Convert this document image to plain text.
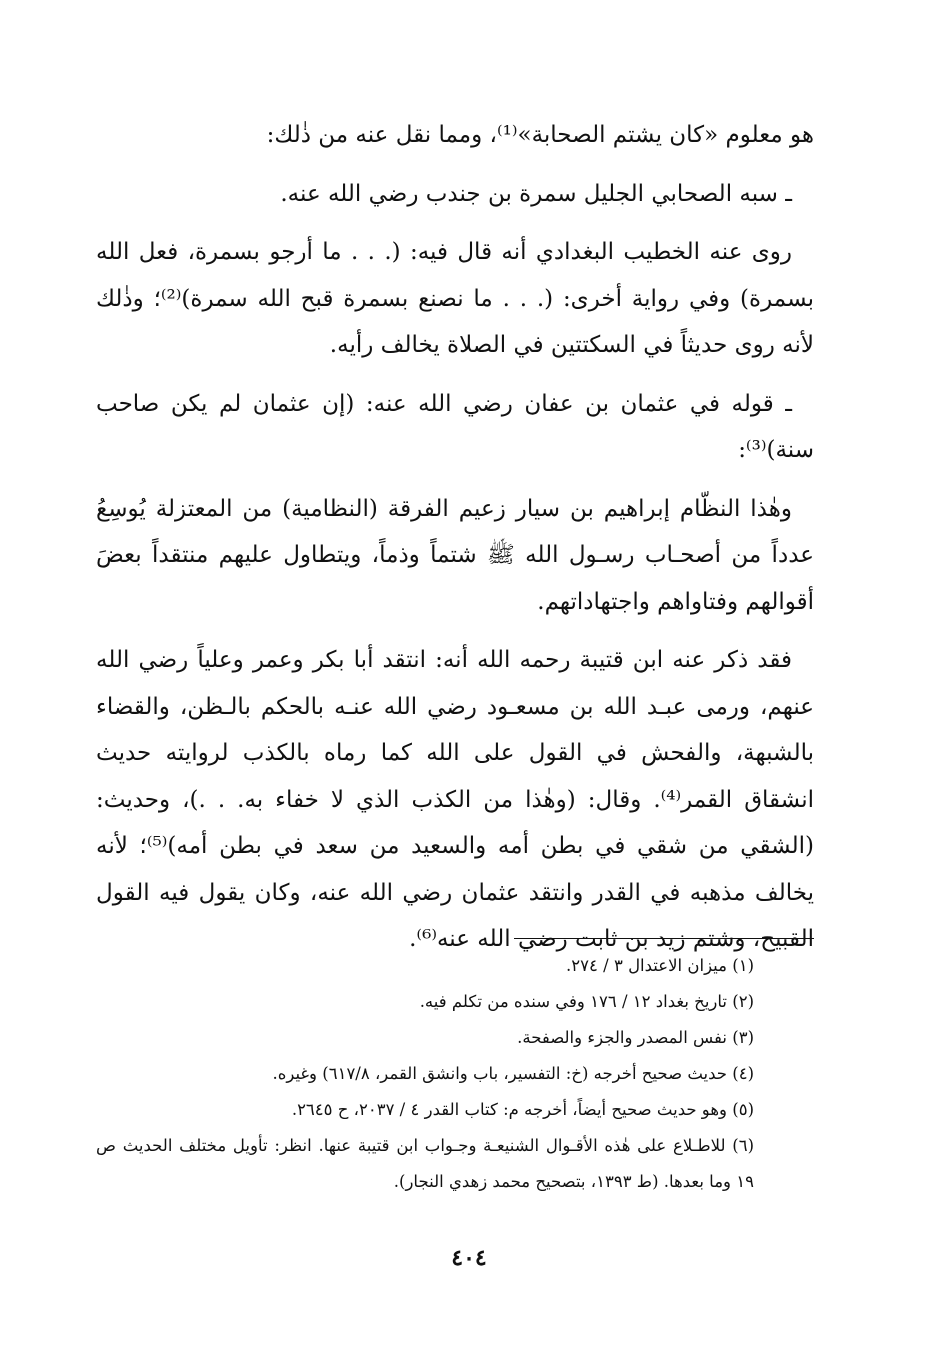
هو معلوم «كان يشتم الصحابة»⁽¹⁾، ومما نقل عنه من ذٰلك:

ـ سبه الصحابي الجليل سمرة بن جندب رضي الله عنه.

روى عنه الخطيب البغدادي أنه قال فيه: (. . . ما أرجو بسمرة، فعل الله بسمرة) وفي رواية أخرى: (. . . ما نصنع بسمرة قبح الله سمرة)⁽²⁾؛ وذٰلك لأنه روى حديثاً في السكتتين في الصلاة يخالف رأيه.

ـ قوله في عثمان بن عفان رضي الله عنه: (إن عثمان لم يكن صاحب سنة)⁽³⁾:

وهٰذا النظّام إبراهيم بن سيار زعيم الفرقة (النظامية) من المعتزلة يُوسِعُ عدداً من أصحـاب رسـول الله ﷺ شتماً وذماً، ويتطاول عليهم منتقداً بعضَ أقوالهم وفتاواهم واجتهاداتهم.

فقد ذكر عنه ابن قتيبة رحمه الله أنه: انتقد أبا بكر وعمر وعلياً رضي الله عنهم، ورمى عبـد الله بن مسعـود رضي الله عنـه بالحكم بالـظن، والقضاء بالشبهة، والفحش في القول على الله كما رماه بالكذب لروايته حديث انشقاق القمر⁽⁴⁾. وقال: (وهٰذا من الكذب الذي لا خفاء به. . .)، وحديث: (الشقي من شقي في بطن أمه والسعيد من سعد في بطن أمه)⁽⁵⁾؛ لأنه يخالف مذهبه في القدر وانتقد عثمان رضي الله عنه، وكان يقول فيه القول القبيح، وشتم زيد بن ثابت رضي الله عنه⁽⁶⁾.

(١) ميزان الاعتدال ٣ / ٢٧٤.

(٢) تاريخ بغداد ١٢ / ١٧٦ وفي سنده من تكلم فيه.

(٣) نفس المصدر والجزء والصفحة.

(٤) حديث صحيح أخرجه (خ: التفسير، باب وانشق القمر، ٦١٧/٨) وغيره.

(٥) وهو حديث صحيح أيضاً، أخرجه م: كتاب القدر ٤ / ٢٠٣٧، ح ٢٦٤٥.

(٦) للاطـلاع على هٰذه الأقـوال الشنيعـة وجـواب ابن قتيبة عنها. انظر: تأويل مختلف الحديث ص ١٩ وما بعدها. (ط ١٣٩٣، بتصحيح محمد زهدي النجار).

٤٠٤
